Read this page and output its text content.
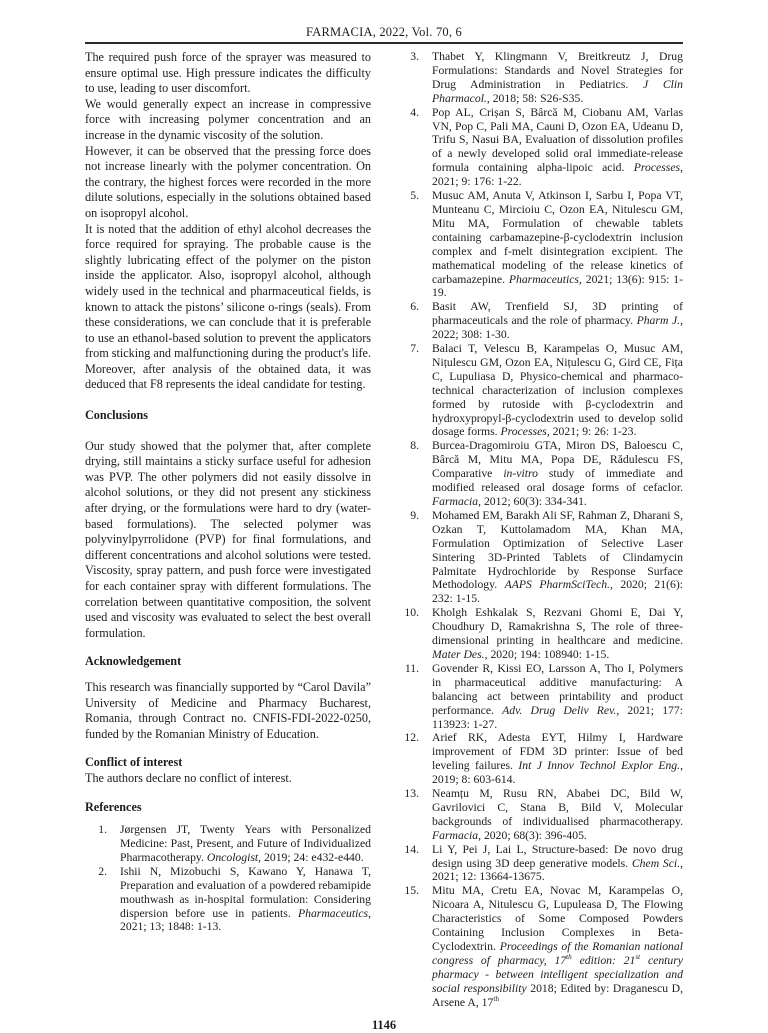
FARMACIA, 2022, Vol. 70, 6

The required push force of the sprayer was measured to ensure optimal use. High pressure indicates the difficulty to use, leading to user discomfort.

We would generally expect an increase in compressive force with increasing polymer concentration and an increase in the dynamic viscosity of the solution.

However, it can be observed that the pressing force does not increase linearly with the polymer concentration. On the contrary, the highest forces were recorded in the more dilute solutions, especially in the solutions obtained based on isopropyl alcohol.

It is noted that the addition of ethyl alcohol decreases the force required for spraying. The probable cause is the slightly lubricating effect of the polymer on the piston inside the applicator. Also, isopropyl alcohol, although widely used in the technical and pharmaceutical fields, is known to attack the pistons’ silicone o-rings (seals). From these considerations, we can conclude that it is preferable to use an ethanol-based solution to prevent the applicators from sticking and malfunctioning during the product's life. Moreover, after analysis of the obtained data, it was deduced that F8 represents the ideal candidate for testing.

Conclusions

Our study showed that the polymer that, after complete drying, still maintains a sticky surface useful for adhesion was PVP. The other polymers did not easily dissolve in alcohol solutions, or they did not present any stickiness after drying, or the formulations were hard to dry (water-based formulations). The selected polymer was polyvinylpyrrolidone (PVP) for final formulations, and different concentrations and alcohol solutions were tested. Viscosity, spray pattern, and push force were investigated for each container spray with different formulations. The correlation between quantitative composition, the solvent used and viscosity was evaluated to select the best overall formulation.

Acknowledgement

This research was financially supported by “Carol Davila” University of Medicine and Pharmacy Bucharest, Romania, through Contract no. CNFIS-FDI-2022-0250, funded by the Romanian Ministry of Education.

Conflict of interest

The authors declare no conflict of interest.

References
1. Jørgensen JT, Twenty Years with Personalized Medicine: Past, Present, and Future of Individualized Pharmacotherapy. Oncologist, 2019; 24: e432-e440.
2. Ishii N, Mizobuchi S, Kawano Y, Hanawa T, Preparation and evaluation of a powdered rebamipide mouthwash as in-hospital formulation: Considering dispersion before use in patients. Pharmaceutics, 2021; 13; 1848: 1-13.
3. Thabet Y, Klingmann V, Breitkreutz J, Drug Formulations: Standards and Novel Strategies for Drug Administration in Pediatrics. J Clin Pharmacol., 2018; 58: S26-S35.
4. Pop AL, Crișan S, Bârcă M, Ciobanu AM, Varlas VN, Pop C, Pali MA, Cauni D, Ozon EA, Udeanu D, Trifu S, Nasui BA, Evaluation of dissolution profiles of a newly developed solid oral immediate-release formula containing alpha-lipoic acid. Processes, 2021; 9: 176: 1-22.
5. Musuc AM, Anuta V, Atkinson I, Sarbu I, Popa VT, Munteanu C, Mircioiu C, Ozon EA, Nitulescu GM, Mitu MA, Formulation of chewable tablets containing carbamazepine-β-cyclodextrin inclusion complex and f-melt disintegration excipient. The mathematical modeling of the release kinetics of carbamazepine. Pharmaceutics, 2021; 13(6): 915: 1-19.
6. Basit AW, Trenfield SJ, 3D printing of pharmaceuticals and the role of pharmacy. Pharm J., 2022; 308: 1-30.
7. Balaci T, Velescu B, Karampelas O, Musuc AM, Nițulescu GM, Ozon EA, Nițulescu G, Gird CE, Fița C, Lupuliasa D, Physico-chemical and pharmaco-technical characterization of inclusion complexes formed by rutoside with β-cyclodextrin and hydroxypropyl-β-cyclodextrin used to develop solid dosage forms. Processes, 2021; 9: 26: 1-23.
8. Burcea-Dragomiroiu GTA, Miron DS, Baloescu C, Bârcă M, Mitu MA, Popa DE, Rădulescu FS, Comparative in-vitro study of immediate and modified released oral dosage forms of cefaclor. Farmacia, 2012; 60(3): 334-341.
9. Mohamed EM, Barakh Ali SF, Rahman Z, Dharani S, Ozkan T, Kuttolamadom MA, Khan MA, Formulation Optimization of Selective Laser Sintering 3D-Printed Tablets of Clindamycin Palmitate Hydrochloride by Response Surface Methodology. AAPS PharmSciTech., 2020; 21(6): 232: 1-15.
10. Kholgh Eshkalak S, Rezvani Ghomi E, Dai Y, Choudhury D, Ramakrishna S, The role of three-dimensional printing in healthcare and medicine. Mater Des., 2020; 194: 108940: 1-15.
11. Govender R, Kissi EO, Larsson A, Tho I, Polymers in pharmaceutical additive manufacturing: A balancing act between printability and product performance. Adv. Drug Deliv Rev., 2021; 177: 113923: 1-27.
12. Arief RK, Adesta EYT, Hilmy I, Hardware improvement of FDM 3D printer: Issue of bed leveling failures. Int J Innov Technol Explor Eng., 2019; 8: 603-614.
13. Neamțu M, Rusu RN, Ababei DC, Bild W, Gavrilovici C, Stana B, Bild V, Molecular backgrounds of individualised pharmacotherapy. Farmacia, 2020; 68(3): 396-405.
14. Li Y, Pei J, Lai L, Structure-based: De novo drug design using 3D deep generative models. Chem Sci., 2021; 12: 13664-13675.
15. Mitu MA, Cretu EA, Novac M, Karampelas O, Nicoara A, Nitulescu G, Lupuleasa D, The Flowing Characteristics of Some Composed Powders Containing Inclusion Complexes in Beta-Cyclodextrin. Proceedings of the Romanian national congress of pharmacy, 17th edition: 21st century pharmacy - between intelligent specialization and social responsibility 2018; Edited by: Draganescu D, Arsene A, 17th
1146
